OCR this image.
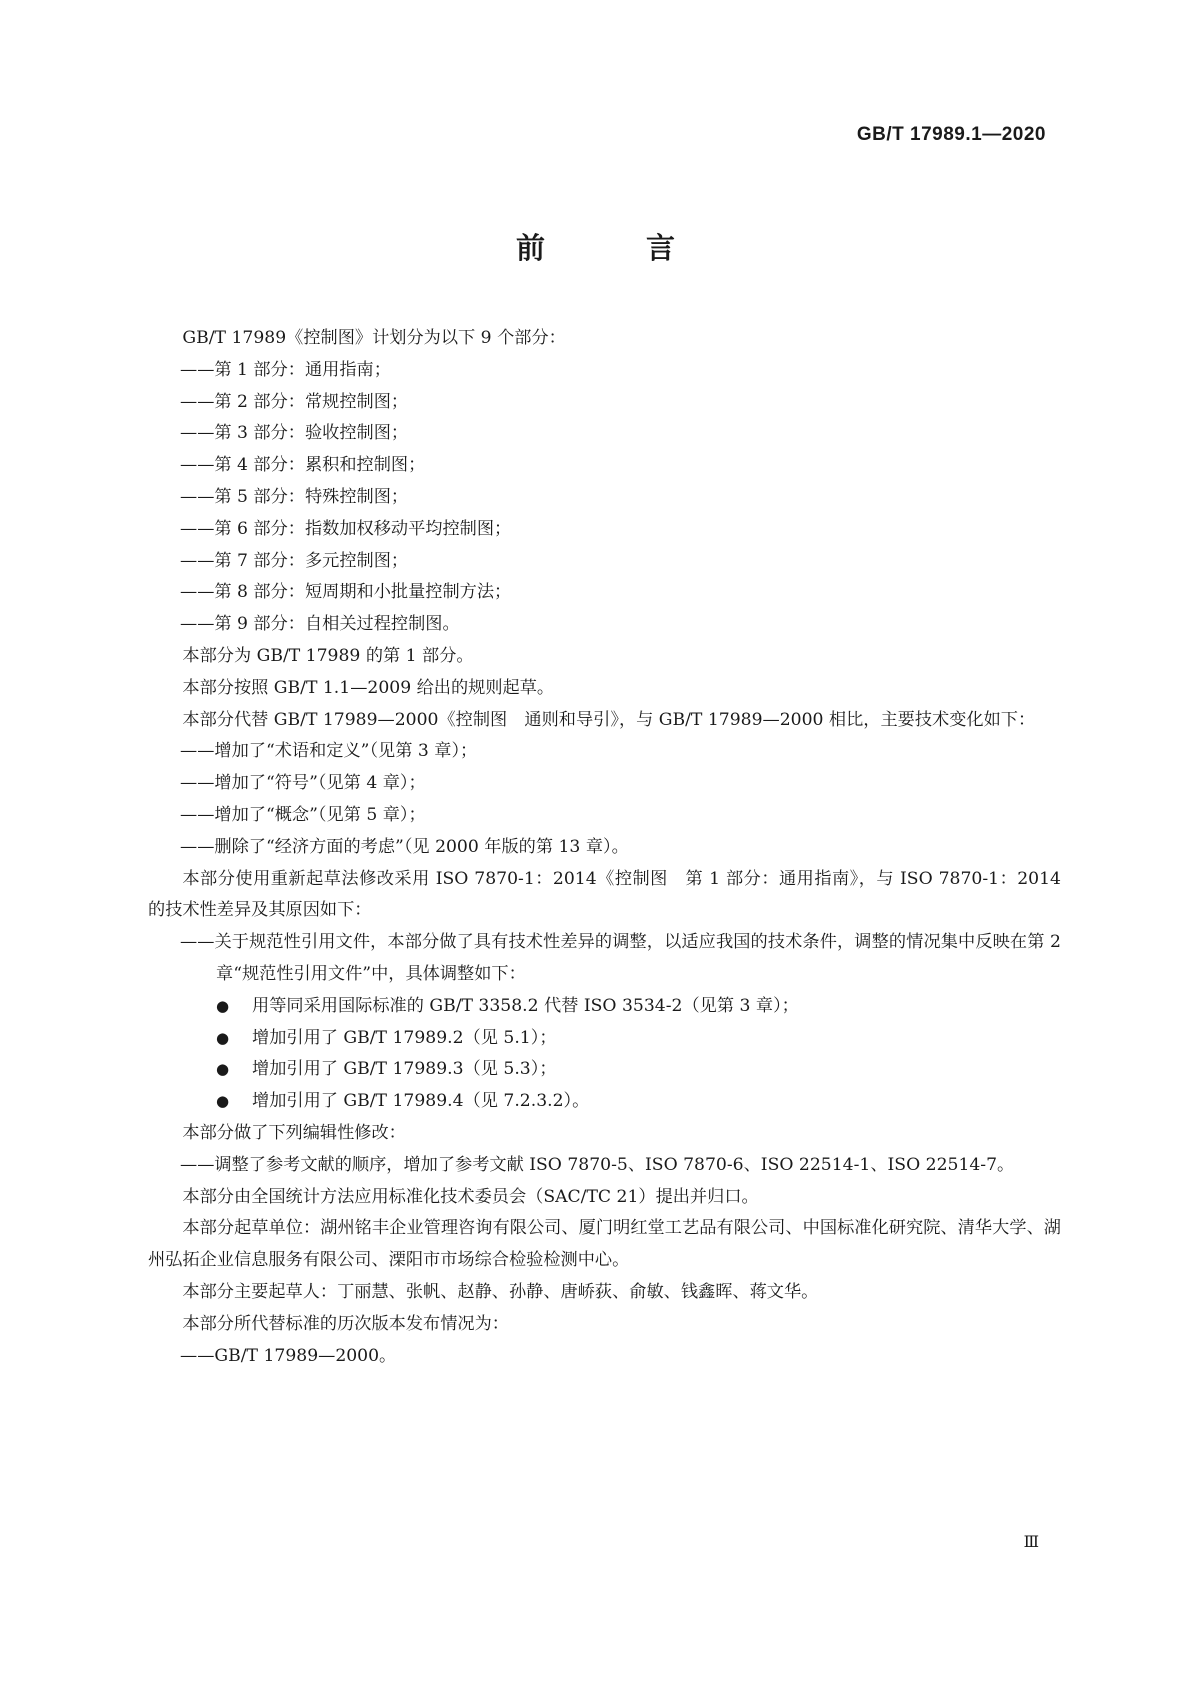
GB/T 17989.1—2020
前　言

GB/T 17989《控制图》计划分为以下 9 个部分：

——第 1 部分：通用指南；

——第 2 部分：常规控制图；

——第 3 部分：验收控制图；

——第 4 部分：累积和控制图；

——第 5 部分：特殊控制图；

——第 6 部分：指数加权移动平均控制图；

——第 7 部分：多元控制图；

——第 8 部分：短周期和小批量控制方法；

——第 9 部分：自相关过程控制图。

本部分为 GB/T 17989 的第 1 部分。

本部分按照 GB/T 1.1—2009 给出的规则起草。

本部分代替 GB/T 17989—2000《控制图　通则和导引》，与 GB/T 17989—2000 相比，主要技术变化如下：

——增加了“术语和定义”（见第 3 章）；

——增加了“符号”（见第 4 章）；

——增加了“概念”（见第 5 章）；

——删除了“经济方面的考虑”（见 2000 年版的第 13 章）。

本部分使用重新起草法修改采用 ISO 7870-1：2014《控制图　第 1 部分：通用指南》，与 ISO 7870-1：2014 的技术性差异及其原因如下：

——关于规范性引用文件，本部分做了具有技术性差异的调整，以适应我国的技术条件，调整的情况集中反映在第 2 章“规范性引用文件”中，具体调整如下：

●	用等同采用国际标准的 GB/T 3358.2 代替 ISO 3534-2（见第 3 章）；

●	增加引用了 GB/T 17989.2（见 5.1）；

●	增加引用了 GB/T 17989.3（见 5.3）；

●	增加引用了 GB/T 17989.4（见 7.2.3.2）。

本部分做了下列编辑性修改：

——调整了参考文献的顺序，增加了参考文献 ISO 7870-5、ISO 7870-6、ISO 22514-1、ISO 22514-7。

本部分由全国统计方法应用标准化技术委员会（SAC/TC 21）提出并归口。

本部分起草单位：湖州铭丰企业管理咨询有限公司、厦门明红堂工艺品有限公司、中国标准化研究院、清华大学、湖州弘拓企业信息服务有限公司、溧阳市市场综合检验检测中心。

本部分主要起草人：丁丽慧、张帆、赵静、孙静、唐峤荻、俞敏、钱鑫晖、蒋文华。

本部分所代替标准的历次版本发布情况为：

——GB/T 17989—2000。

Ⅲ
